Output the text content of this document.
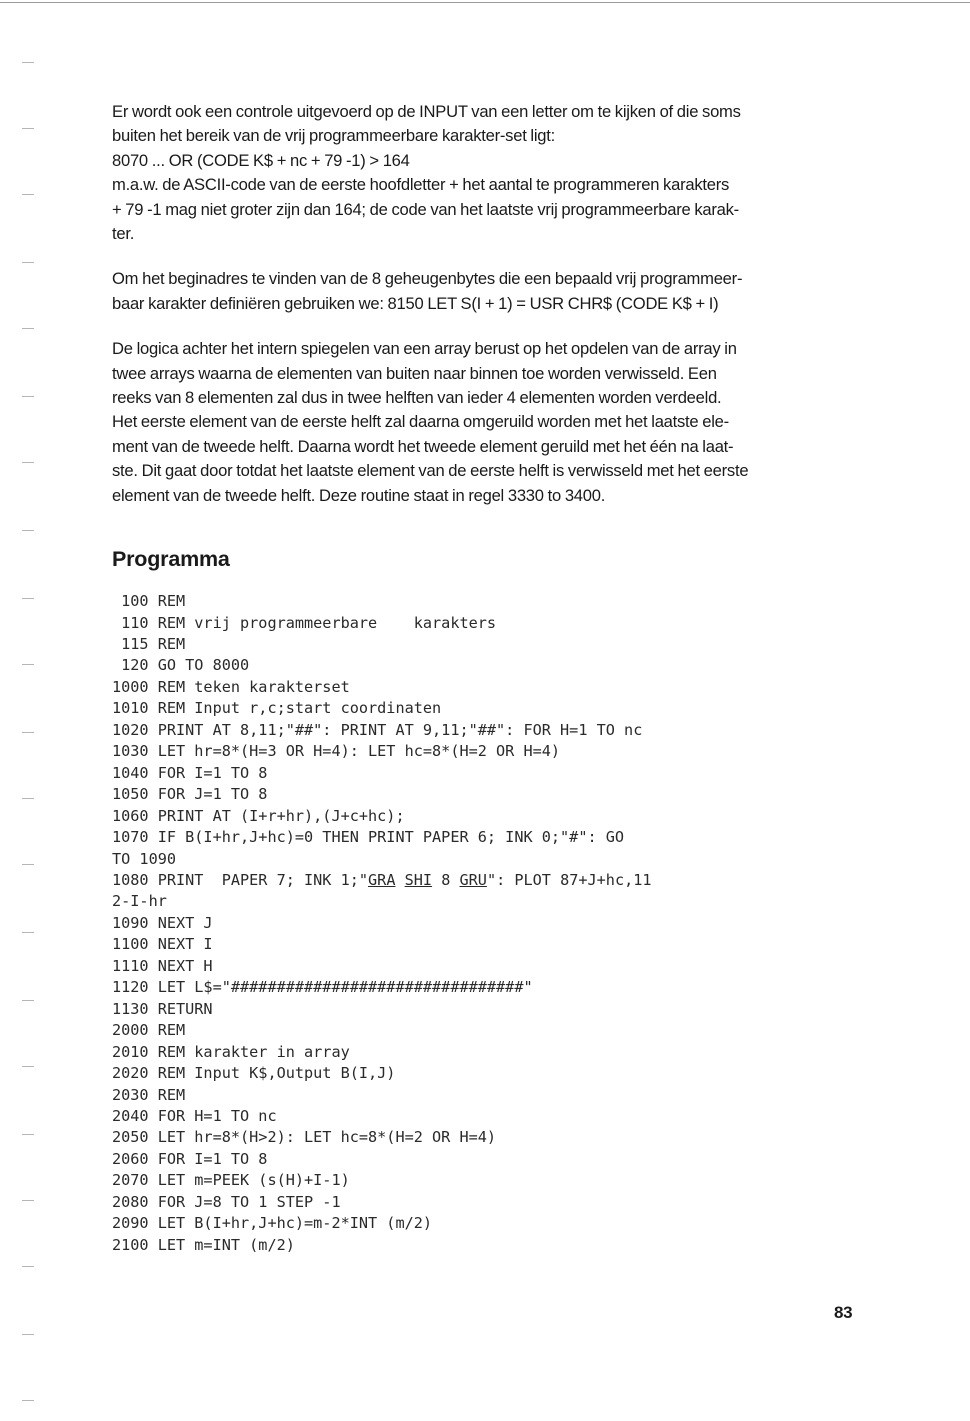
Er wordt ook een controle uitgevoerd op de INPUT van een letter om te kijken of die soms
buiten het bereik van de vrij programmeerbare karakter-set ligt:
8070 ... OR (CODE K$ + nc + 79 -1) > 164
m.a.w. de ASCII-code van de eerste hoofdletter + het aantal te programmeren karakters
+ 79 -1 mag niet groter zijn dan 164; de code van het laatste vrij programmeerbare karak-
ter.

Om het beginadres te vinden van de 8 geheugenbytes die een bepaald vrij programmeer-
baar karakter definiëren gebruiken we: 8150 LET S(I + 1) = USR CHR$ (CODE K$ + I)

De logica achter het intern spiegelen van een array berust op het opdelen van de array in
twee arrays waarna de elementen van buiten naar binnen toe worden verwisseld. Een
reeks van 8 elementen zal dus in twee helften van ieder 4 elementen worden verdeeld.
Het eerste element van de eerste helft zal daarna omgeruild worden met het laatste ele-
ment van de tweede helft. Daarna wordt het tweede element geruild met het één na laat-
ste. Dit gaat door totdat het laatste element van de eerste helft is verwisseld met het eerste
element van de tweede helft. Deze routine staat in regel 3330 to 3400.

Programma
100 REM
110 REM vrij programmeerbare    karakters
115 REM
120 GO TO 8000
1000 REM teken karakterset
1010 REM Input r,c;start coordinaten
1020 PRINT AT 8,11;"##": PRINT AT 9,11;"##": FOR H=1 TO nc
1030 LET hr=8*(H=3 OR H=4): LET hc=8*(H=2 OR H=4)
1040 FOR I=1 TO 8
1050 FOR J=1 TO 8
1060 PRINT AT (I+r+hr),(J+c+hc);
1070 IF B(I+hr,J+hc)=0 THEN PRINT PAPER 6; INK 0;"#": GO
TO 1090
1080 PRINT  PAPER 7; INK 1;"GRA SHI 8 GRU": PLOT 87+J+hc,11
2-I-hr
1090 NEXT J
1100 NEXT I
1110 NEXT H
1120 LET L$="################################"
1130 RETURN
2000 REM
2010 REM karakter in array
2020 REM Input K$,Output B(I,J)
2030 REM
2040 FOR H=1 TO nc
2050 LET hr=8*(H>2): LET hc=8*(H=2 OR H=4)
2060 FOR I=1 TO 8
2070 LET m=PEEK (s(H)+I-1)
2080 FOR J=8 TO 1 STEP -1
2090 LET B(I+hr,J+hc)=m-2*INT (m/2)
2100 LET m=INT (m/2)
83
